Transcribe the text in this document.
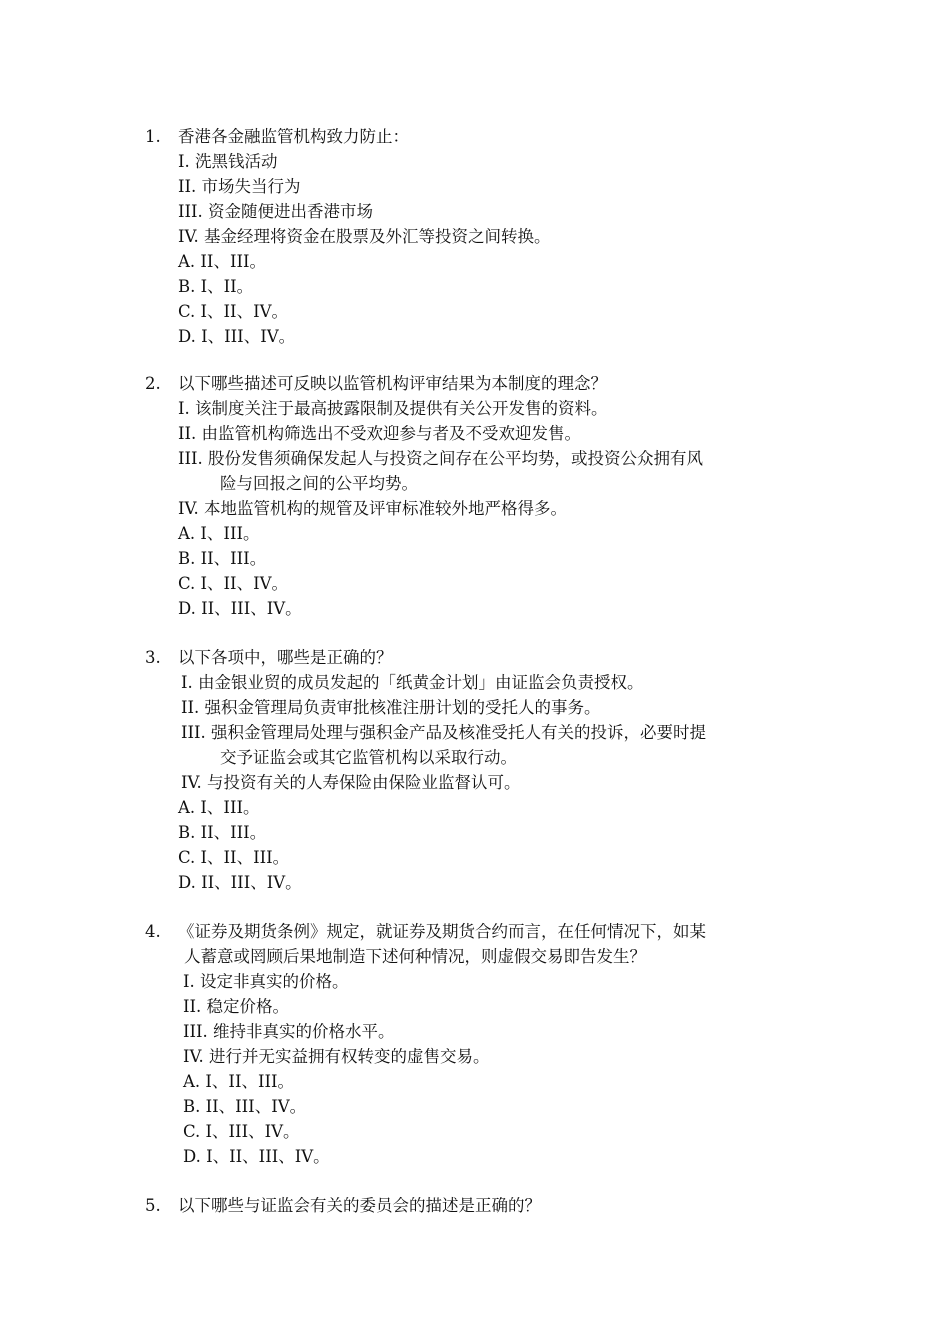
1. 香港各金融监管机构致力防止：
I. 洗黑钱活动
II. 市场失当行为
III. 资金随便进出香港市场
IV. 基金经理将资金在股票及外汇等投资之间转换。
A. II、III。
B. I、II。
C. I、II、IV。
D. I、III、IV。
2. 以下哪些描述可反映以监管机构评审结果为本制度的理念？
I. 该制度关注于最高披露限制及提供有关公开发售的资料。
II. 由监管机构筛选出不受欢迎参与者及不受欢迎发售。
III. 股份发售须确保发起人与投资之间存在公平均势，或投资公众拥有风
险与回报之间的公平均势。
IV. 本地监管机构的规管及评审标准较外地严格得多。
A. I、III。
B. II、III。
C. I、II、IV。
D. II、III、IV。
3. 以下各项中，哪些是正确的？
I. 由金银业贸的成员发起的「纸黄金计划」由证监会负责授权。
II. 强积金管理局负责审批核准注册计划的受托人的事务。
III. 强积金管理局处理与强积金产品及核准受托人有关的投诉，必要时提
交予证监会或其它监管机构以采取行动。
IV. 与投资有关的人寿保险由保险业监督认可。
A. I、III。
B. II、III。
C. I、II、III。
D. II、III、IV。
4. 《证券及期货条例》规定，就证券及期货合约而言，在任何情况下，如某
人蓄意或罔顾后果地制造下述何种情况，则虚假交易即告发生？
I. 设定非真实的价格。
II. 稳定价格。
III. 维持非真实的价格水平。
IV. 进行并无实益拥有权转变的虚售交易。
A. I、II、III。
B. II、III、IV。
C. I、III、IV。
D. I、II、III、IV。
5. 以下哪些与证监会有关的委员会的描述是正确的？
